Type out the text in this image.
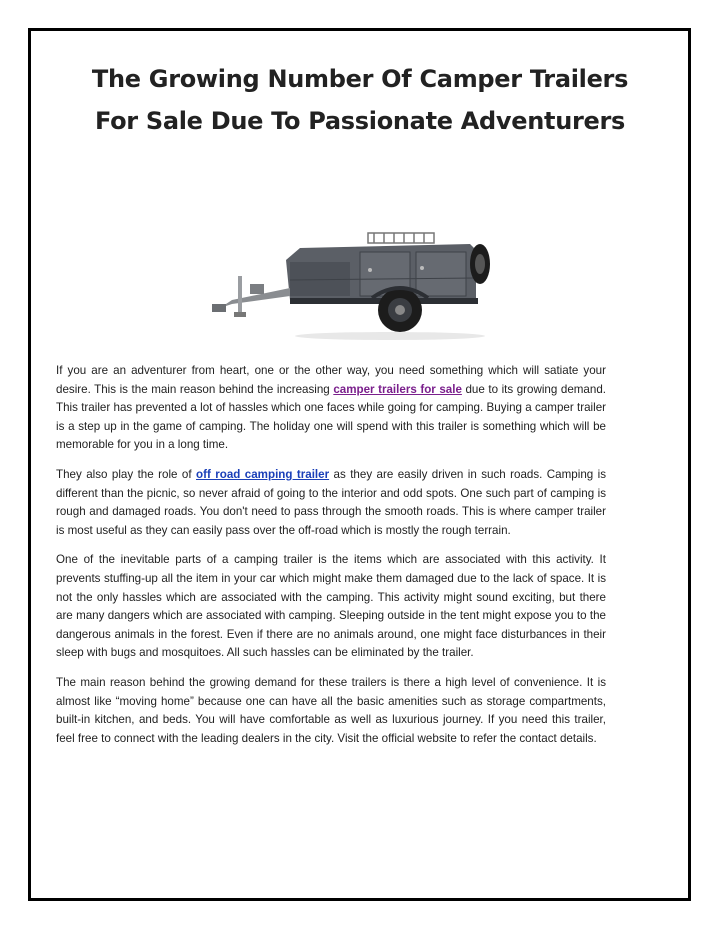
The Growing Number Of Camper Trailers
For Sale Due To Passionate Adventurers

If you are an adventurer from heart, one or the other way, you need something which will satiate your desire. This is the main reason behind the increasing camper trailers for sale due to its growing demand. This trailer has prevented a lot of hassles which one faces while going for camping. Buying a camper trailer is a step up in the game of camping. The holiday one will spend with this trailer is something which will be memorable for you in a long time.

They also play the role of off road camping trailer as they are easily driven in such roads. Camping is different than the picnic, so never afraid of going to the interior and odd spots. One such part of camping is rough and damaged roads. You don't need to pass through the smooth roads. This is where camper trailer is most useful as they can easily pass over the off-road which is mostly the rough terrain.

One of the inevitable parts of a camping trailer is the items which are associated with this activity. It prevents stuffing-up all the item in your car which might make them damaged due to the lack of space. It is not the only hassles which are associated with the camping. This activity might sound exciting, but there are many dangers which are associated with camping. Sleeping outside in the tent might expose you to the dangerous animals in the forest. Even if there are no animals around, one might face disturbances in their sleep with bugs and mosquitoes. All such hassles can be eliminated by the trailer.

The main reason behind the growing demand for these trailers is there a high level of convenience. It is almost like “moving home” because one can have all the basic amenities such as storage compartments, built-in kitchen, and beds. You will have comfortable as well as luxurious journey. If you need this trailer, feel free to connect with the leading dealers in the city. Visit the official website to refer the contact details.
